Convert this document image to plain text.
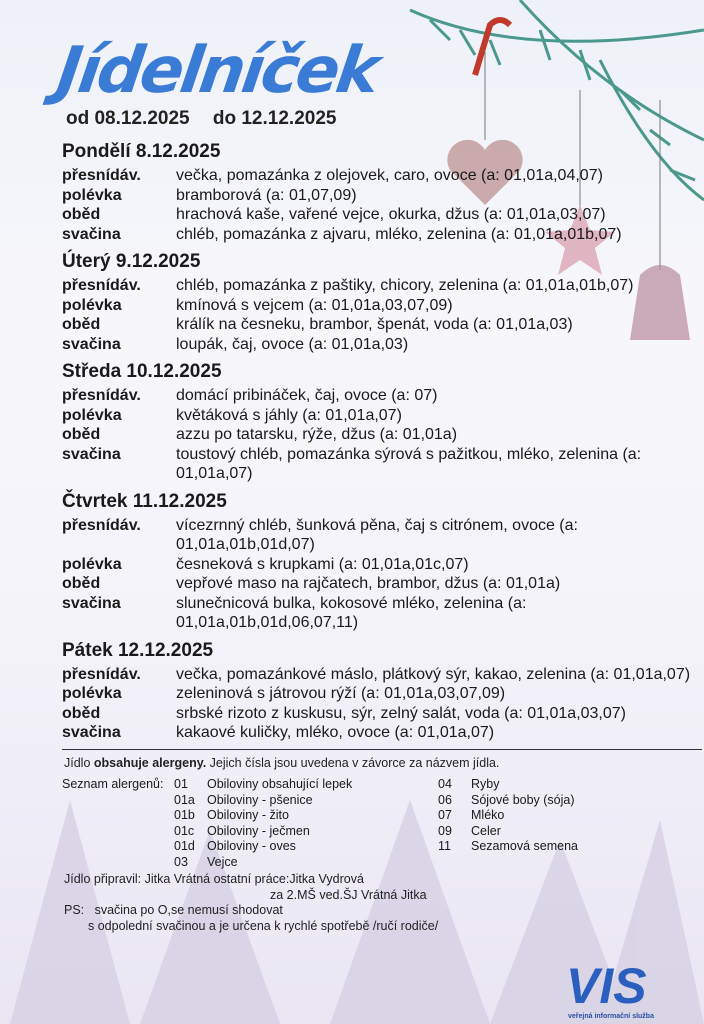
Jídelníček
od 08.12.2025 do 12.12.2025
Pondělí 8.12.2025
přesnídáv.	večka, pomazánka z olejovek, caro, ovoce (a: 01,01a,04,07)
polévka	bramborová (a: 01,07,09)
oběd	hrachová kaše, vařené vejce, okurka, džus (a: 01,01a,03,07)
svačina	chléb, pomazánka z ajvaru, mléko, zelenina (a: 01,01a,01b,07)
Úterý 9.12.2025
přesnídáv.	chléb, pomazánka z paštiky, chicory, zelenina (a: 01,01a,01b,07)
polévka	kmínová s vejcem (a: 01,01a,03,07,09)
oběd	králík na česneku, brambor, špenát, voda (a: 01,01a,03)
svačina	loupák, čaj, ovoce (a: 01,01a,03)
Středa 10.12.2025
přesnídáv.	domácí pribináček, čaj, ovoce (a: 07)
polévka	květáková s jáhly (a: 01,01a,07)
oběd	azzu po tatarsku, rýže, džus (a: 01,01a)
svačina	toustový chléb, pomazánka sýrová s pažitkou, mléko, zelenina (a: 01,01a,07)
Čtvrtek 11.12.2025
přesnídáv.	vícezrnný chléb, šunková pěna, čaj s citrónem, ovoce (a: 01,01a,01b,01d,07)
polévka	česneková s krupkami (a: 01,01a,01c,07)
oběd	vepřové maso na rajčatech, brambor, džus (a: 01,01a)
svačina	slunečnicová bulka, kokosové mléko, zelenina (a: 01,01a,01b,01d,06,07,11)
Pátek 12.12.2025
přesnídáv.	večka, pomazánkové máslo, plátkový sýr, kakao, zelenina (a: 01,01a,07)
polévka	zeleninová s játrovou rýží (a: 01,01a,03,07,09)
oběd	srbské rizoto z kuskusu, sýr, zelný salát, voda (a: 01,01a,03,07)
svačina	kakaové kuličky, mléko, ovoce (a: 01,01a,07)
Jídlo obsahuje alergeny. Jejich čísla jsou uvedena v závorce za názvem jídla.
Seznam alergenů: 01	Obiloviny obsahující lepek
01a Obiloviny - pšenice
01b Obiloviny - žito
01c	Obiloviny - ječmen
01d Obiloviny - oves
03	Vejce
04	Ryby
06	Sójové boby (sója)
07	Mléko
09	Celer
11	Sezamová semena
Jídlo připravil: Jitka Vrátná ostatní práce:Jitka Vydrová
za 2.MŠ ved.ŠJ Vrátná Jitka
PS: svačina po O,se nemusí shodovat
s odpolední svačinou a je určena k rychlé spotřebě /ručí rodiče/
VIS
veřejná informační služba
